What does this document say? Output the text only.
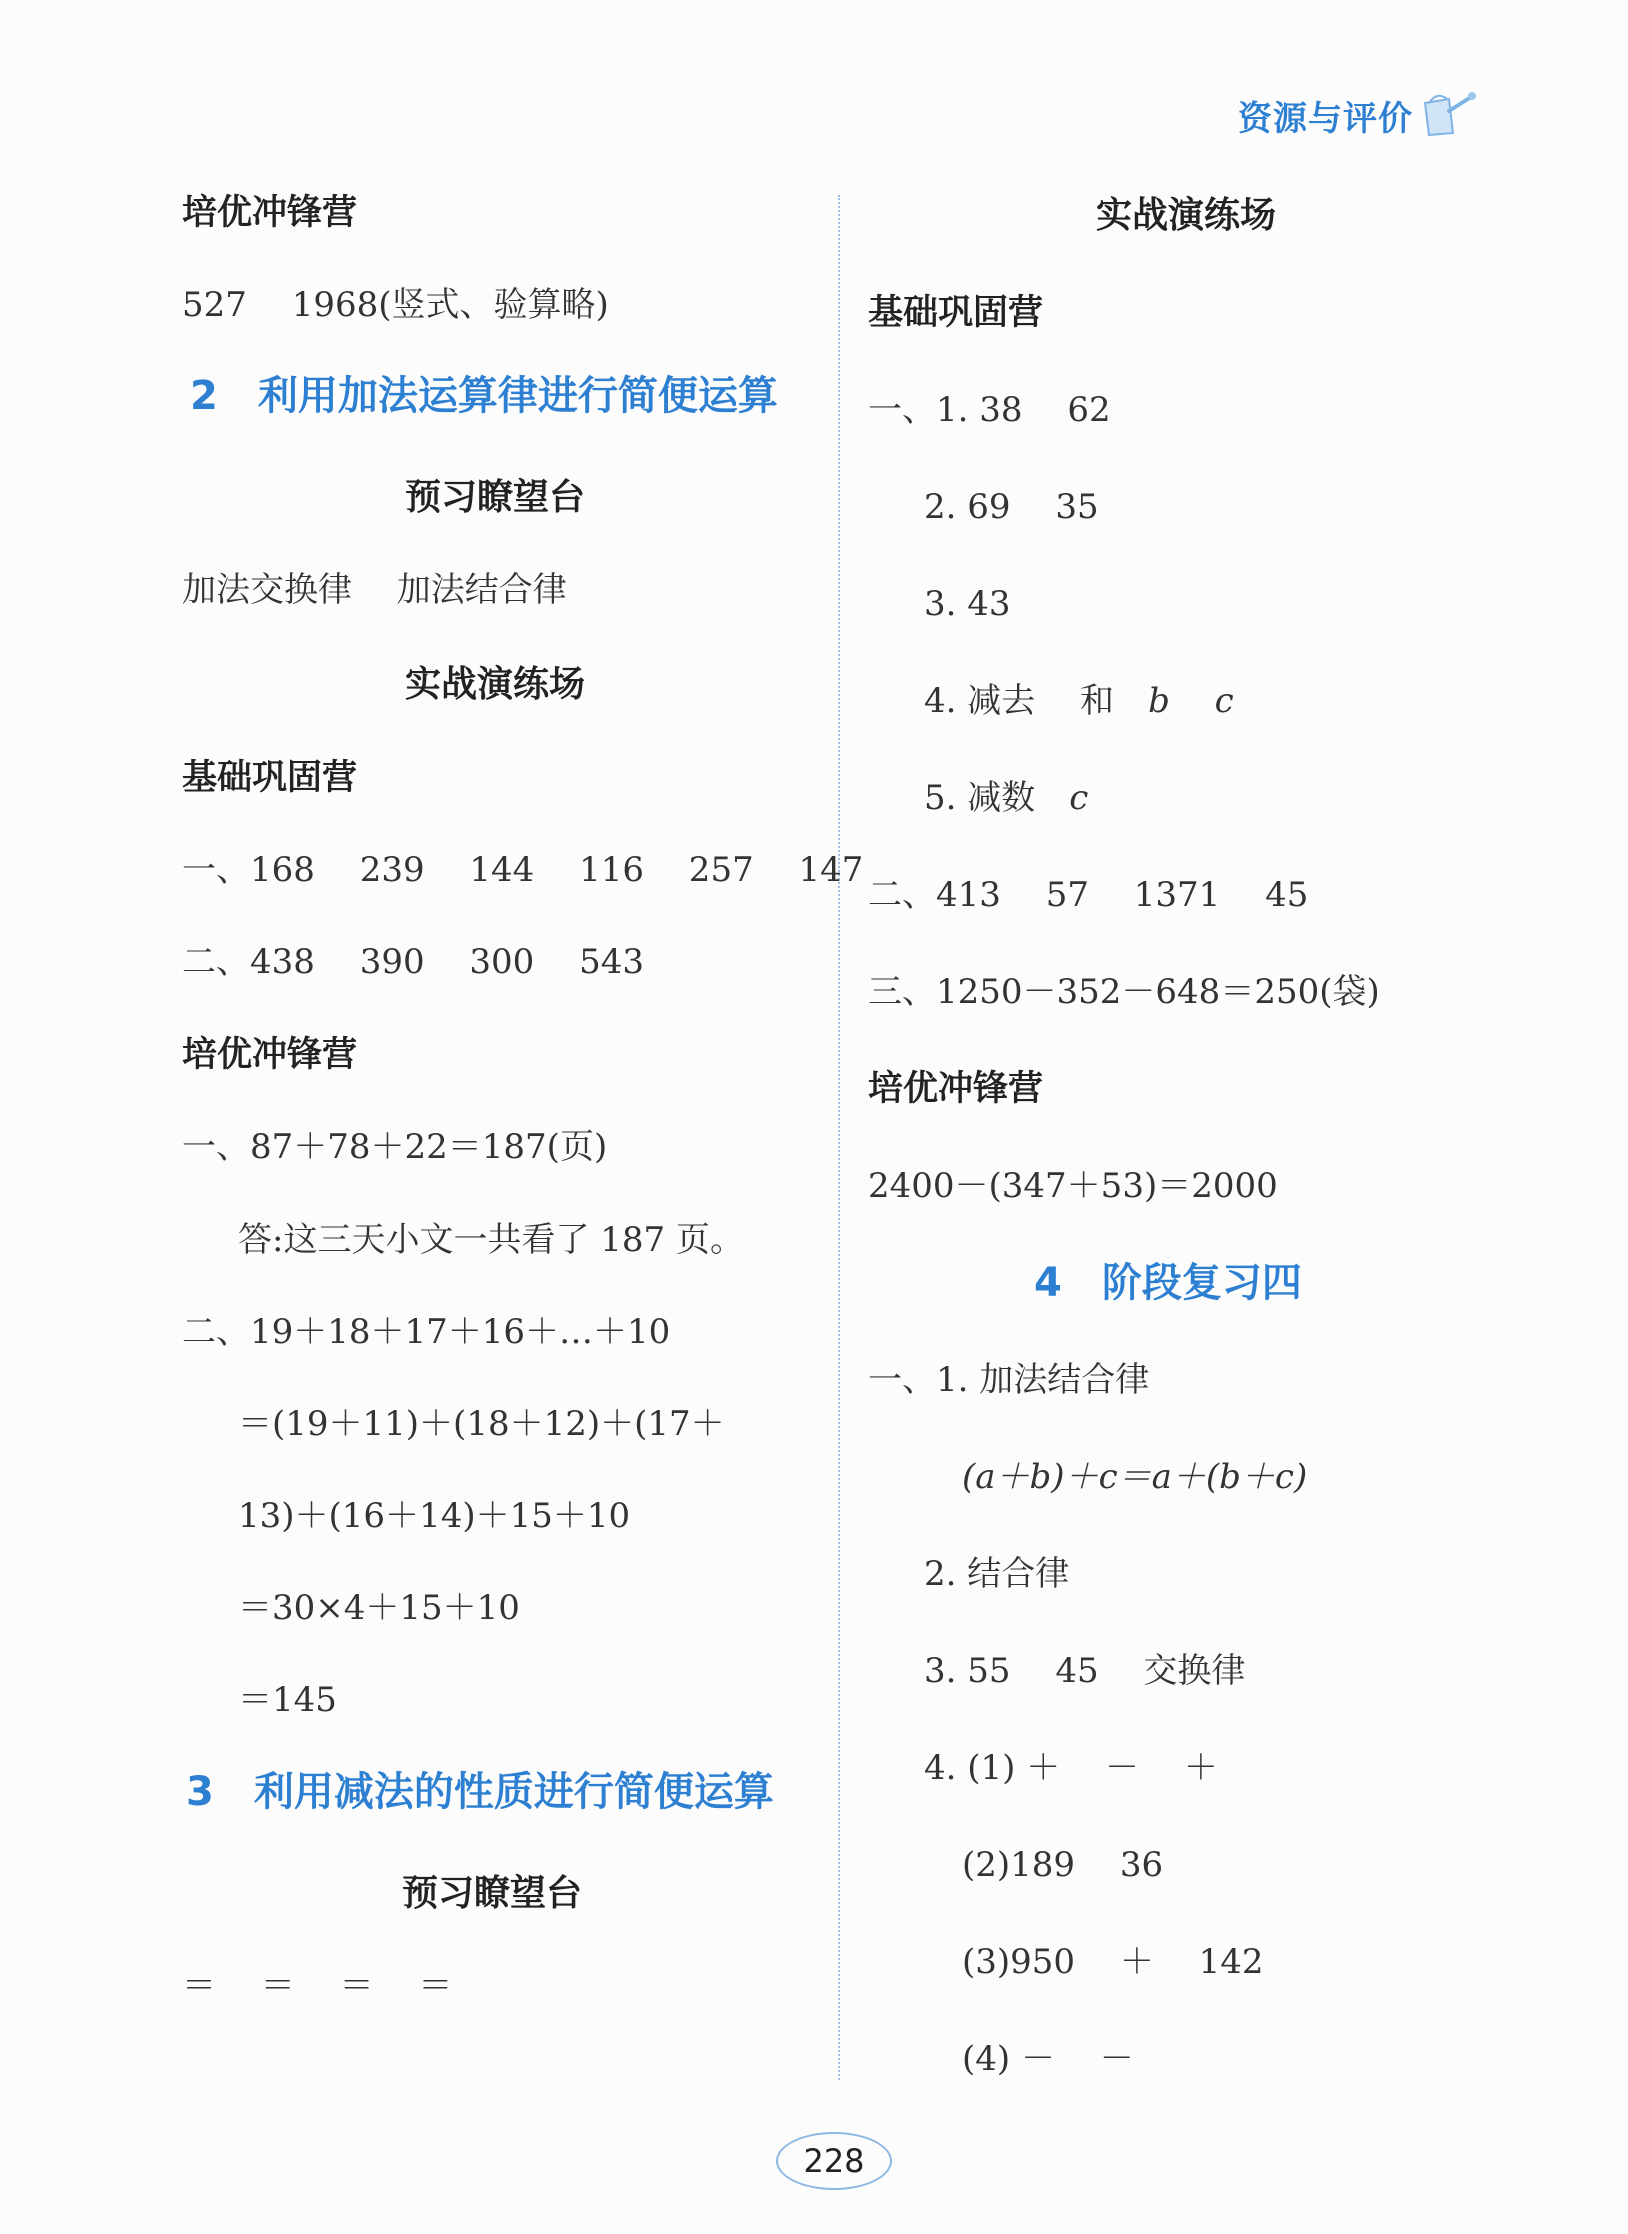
资源与评价
培优冲锋营
527　 1968(竖式、验算略)
2　利用加法运算律进行简便运算
预习瞭望台
加法交换律　 加法结合律
实战演练场
基础巩固营
一、168　 239　 144　 116　 257　 147
二、438　 390　 300　 543
培优冲锋营
一、87＋78＋22＝187(页)
答:这三天小文一共看了 187 页。
二、19＋18＋17＋16＋…＋10
＝(19＋11)＋(18＋12)＋(17＋
13)＋(16＋14)＋15＋10
＝30×4＋15＋10
＝145
3　利用减法的性质进行简便运算
预习瞭望台
＝　 ＝　 ＝　 ＝
实战演练场
基础巩固营
一、1. 38　 62
2. 69　 35
3. 43
4. 减去　 和　b　 c
5. 减数　c
二、413　 57　 1371　 45
三、1250－352－648＝250(袋)
培优冲锋营
2400－(347＋53)＝2000
4　阶段复习四
一、1. 加法结合律
(a＋b)＋c＝a＋(b＋c)
2. 结合律
3. 55　 45　 交换律
4. (1) ＋　 －　 ＋
(2)189　 36
(3)950　 ＋　 142
(4) －　 －
228
